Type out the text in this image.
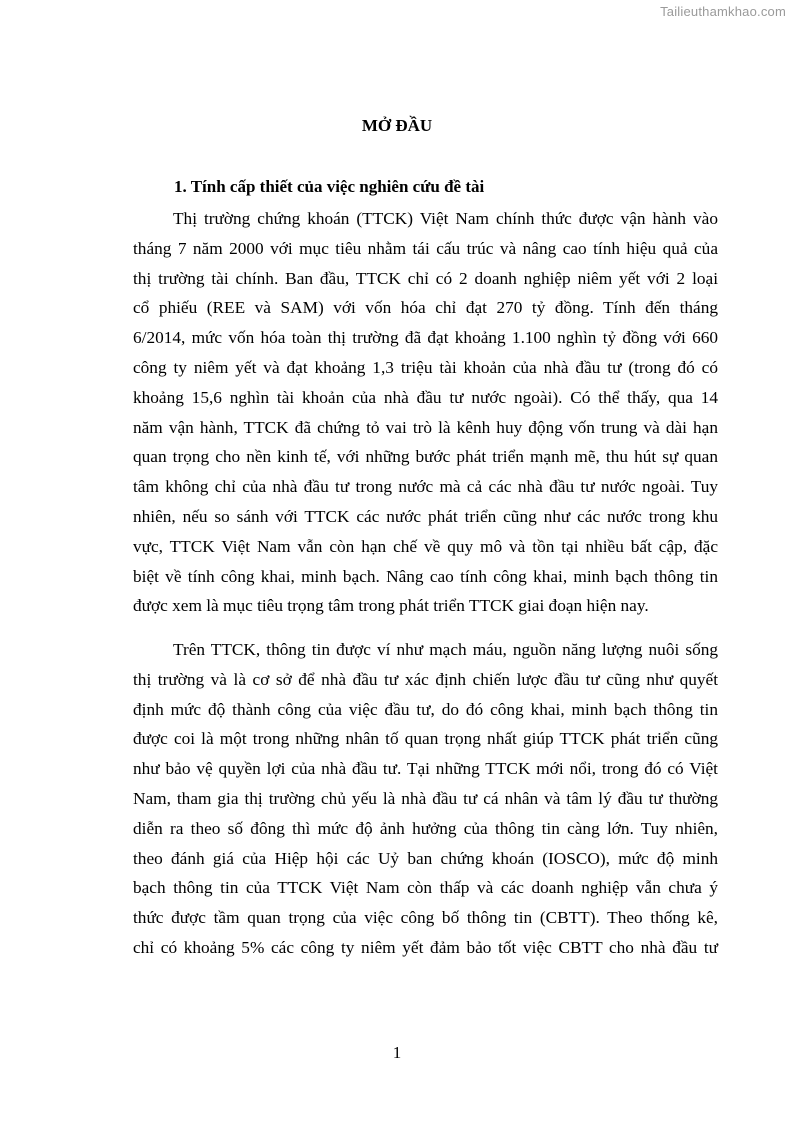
Tailieuthamkhao.com
MỞ ĐẦU
1. Tính cấp thiết của việc nghiên cứu đề tài
Thị trường chứng khoán (TTCK) Việt Nam chính thức được vận hành vào
tháng 7 năm 2000 với mục tiêu nhằm tái cấu trúc và nâng cao tính hiệu quả của
thị trường tài chính. Ban đầu, TTCK chỉ có 2 doanh nghiệp niêm yết với 2 loại
cổ phiếu (REE và SAM) với vốn hóa chỉ đạt 270 tỷ đồng. Tính đến tháng
6/2014, mức vốn hóa toàn thị trường đã đạt khoảng 1.100 nghìn tỷ đồng với 660
công ty niêm yết và đạt khoảng 1,3 triệu tài khoản của nhà đầu tư (trong đó có
khoảng 15,6 nghìn tài khoản của nhà đầu tư nước ngoài). Có thể thấy, qua 14
năm vận hành, TTCK đã chứng tỏ vai trò là kênh huy động vốn trung và dài hạn
quan trọng cho nền kinh tế, với những bước phát triển mạnh mẽ, thu hút sự quan
tâm không chỉ của nhà đầu tư trong nước mà cả các nhà đầu tư nước ngoài. Tuy
nhiên, nếu so sánh với TTCK các nước phát triển cũng như các nước trong khu
vực, TTCK Việt Nam vẫn còn hạn chế về quy mô và tồn tại nhiều bất cập, đặc
biệt về tính công khai, minh bạch. Nâng cao tính công khai, minh bạch thông tin
được xem là mục tiêu trọng tâm trong phát triển TTCK giai đoạn hiện nay.
Trên TTCK, thông tin được ví như mạch máu, nguồn năng lượng nuôi sống
thị trường và là cơ sở để nhà đầu tư xác định chiến lược đầu tư cũng như quyết
định mức độ thành công của việc đầu tư, do đó công khai, minh bạch thông tin
được coi là một trong những nhân tố quan trọng nhất giúp TTCK phát triển cũng
như bảo vệ quyền lợi của nhà đầu tư. Tại những TTCK mới nổi, trong đó có Việt
Nam, tham gia thị trường chủ yếu là nhà đầu tư cá nhân và tâm lý đầu tư thường
diễn ra theo số đông thì mức độ ảnh hưởng của thông tin càng lớn. Tuy nhiên,
theo đánh giá của Hiệp hội các Uỷ ban chứng khoán (IOSCO), mức độ minh
bạch thông tin của TTCK Việt Nam còn thấp và các doanh nghiệp vẫn chưa ý
thức được tầm quan trọng của việc công bố thông tin (CBTT). Theo thống kê,
chỉ có khoảng 5% các công ty niêm yết đảm bảo tốt việc CBTT cho nhà đầu tư
1
